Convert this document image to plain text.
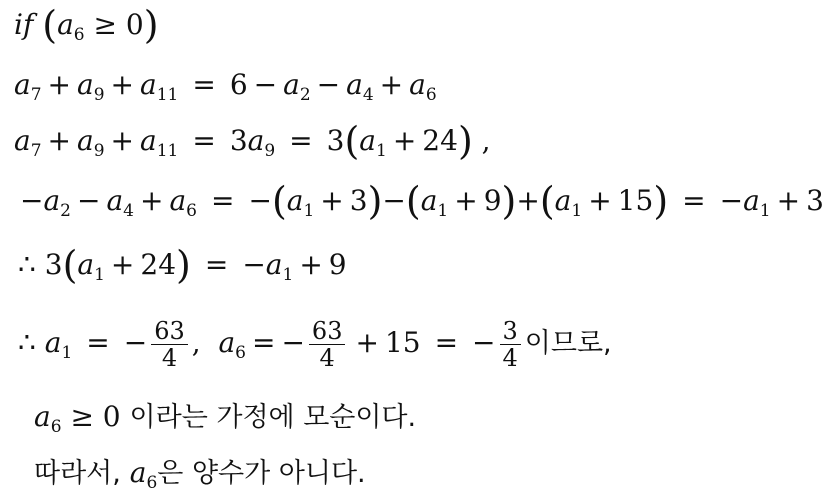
if $(a_6 \ge 0)$
$a_7 + a_9 + a_{11} = 6 - a_2 - a_4 + a_6$
$a_7 + a_9 + a_{11} = 3a_9 = 3(a_1 + 24)$ ,
$-a_2 - a_4 + a_6 = -(a_1 + 3)-(a_1 + 9)+(a_1 + 15) = -a_1 + 3$
∴ $3(a_1 + 24) = -a_1 + 9$
∴ $a_1$ = − $\frac{63}{4}$ ,  $a_6$ = − $\frac{63}{4} + 15$ = − $\frac{3}{4}$ 이므로,
$a_6 \ge 0$ 이라는 가정에 모순이다.
따라서, $a_6$은 양수가 아니다.
